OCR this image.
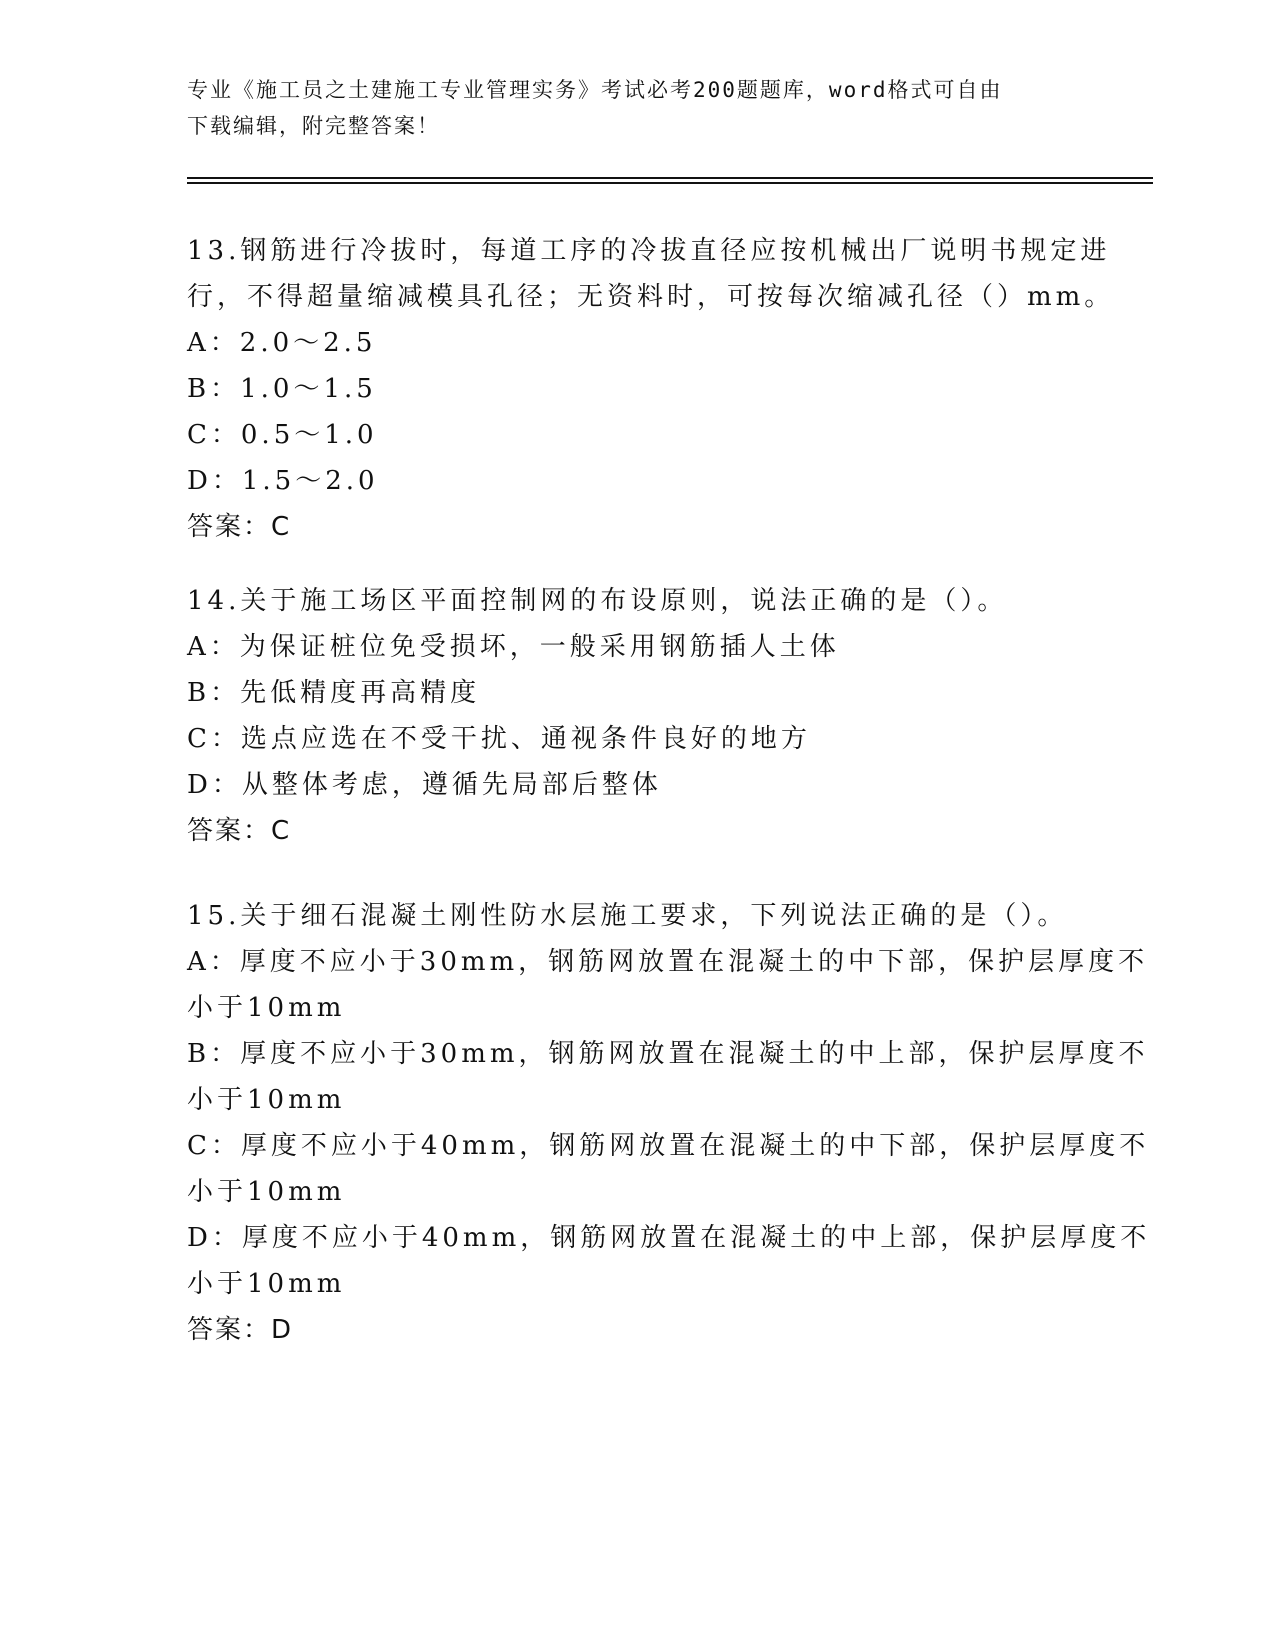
专业《施工员之土建施工专业管理实务》考试必考200题题库，word格式可自由
下载编辑，附完整答案！
13.钢筋进行冷拔时，每道工序的冷拔直径应按机械出厂说明书规定进
行，不得超量缩减模具孔径；无资料时，可按每次缩减孔径（）mm。
A：2.0～2.5
B：1.0～1.5
C：0.5～1.0
D：1.5～2.0
答案：C
14.关于施工场区平面控制网的布设原则，说法正确的是（）。
A：为保证桩位免受损坏，一般采用钢筋插人土体
B：先低精度再高精度
C：选点应选在不受干扰、通视条件良好的地方
D：从整体考虑，遵循先局部后整体
答案：C
15.关于细石混凝土刚性防水层施工要求，下列说法正确的是（）。
A：厚度不应小于30mm，钢筋网放置在混凝土的中下部，保护层厚度不
小于10mm
B：厚度不应小于30mm，钢筋网放置在混凝土的中上部，保护层厚度不
小于10mm
C：厚度不应小于40mm，钢筋网放置在混凝土的中下部，保护层厚度不
小于10mm
D：厚度不应小于40mm，钢筋网放置在混凝土的中上部，保护层厚度不
小于10mm
答案：D
